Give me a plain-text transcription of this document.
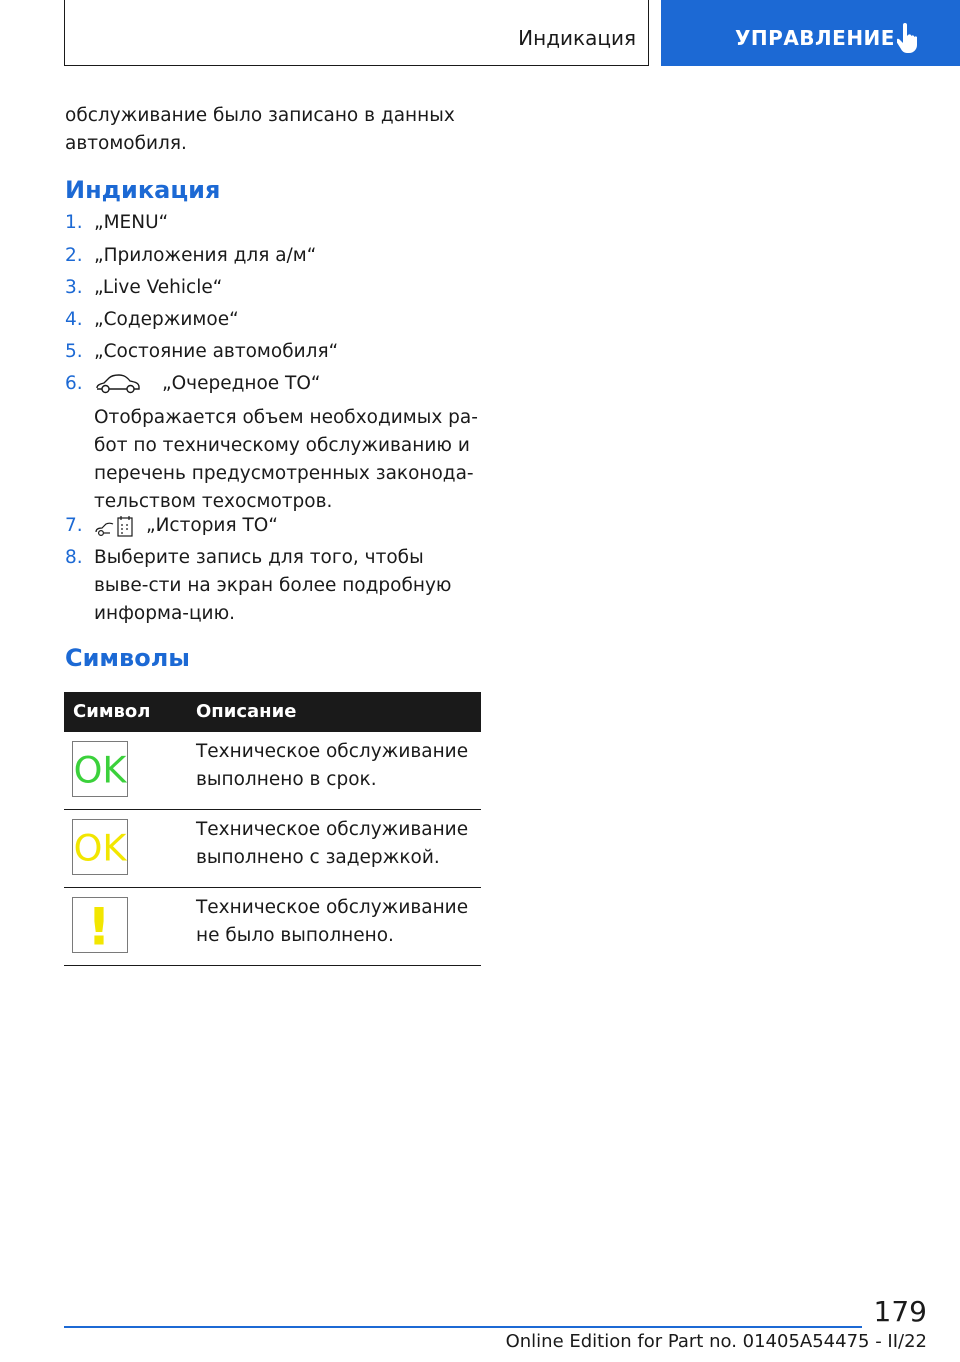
Индикация	УПРАВЛЕНИЕ

обслуживание было записано в данных автомобиля.

Индикация
1. „MENU“
2. „Приложения для а/м“
3. „Live Vehicle“
4. „Содержимое“
5. „Состояние автомобиля“
6.	„Очередное ТО“
Отображается объем необходимых ра-бот по техническому обслуживанию и перечень предусмотренных законода-тельством техосмотров.
7.	„История ТО“
8. Выберите запись для того, чтобы выве-сти на экран более подробную информа-цию.
Символы
Символ	Описание
OK	Техническое обслуживание выполнено в срок.
OK	Техническое обслуживание выполнено с задержкой.
!	Техническое обслуживание не было выполнено.
179
Online Edition for Part no. 01405A54475 - II/22
